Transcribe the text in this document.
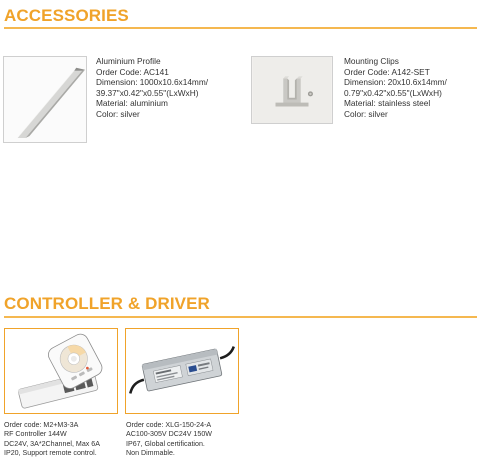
ACCESSORIES
Aluminium Profile
Order Code: AC141
Dimension: 1000x10.6x14mm/
39.37"x0.42"x0.55"(LxWxH)
Material: aluminium
Color: silver
Mounting Clips
Order Code: A142-SET
Dimension: 20x10.6x14mm/
0.79"x0.42"x0.55"(LxWxH)
Material: stainless steel
Color: silver
CONTROLLER & DRIVER
Order code: M2+M3-3A
RF Controller 144W
DC24V, 3A*2Channel, Max 6A
IP20, Support remote control.
Order code: XLG-150-24-A
AC100-305V DC24V 150W
IP67, Global certification.
Non Dimmable.
